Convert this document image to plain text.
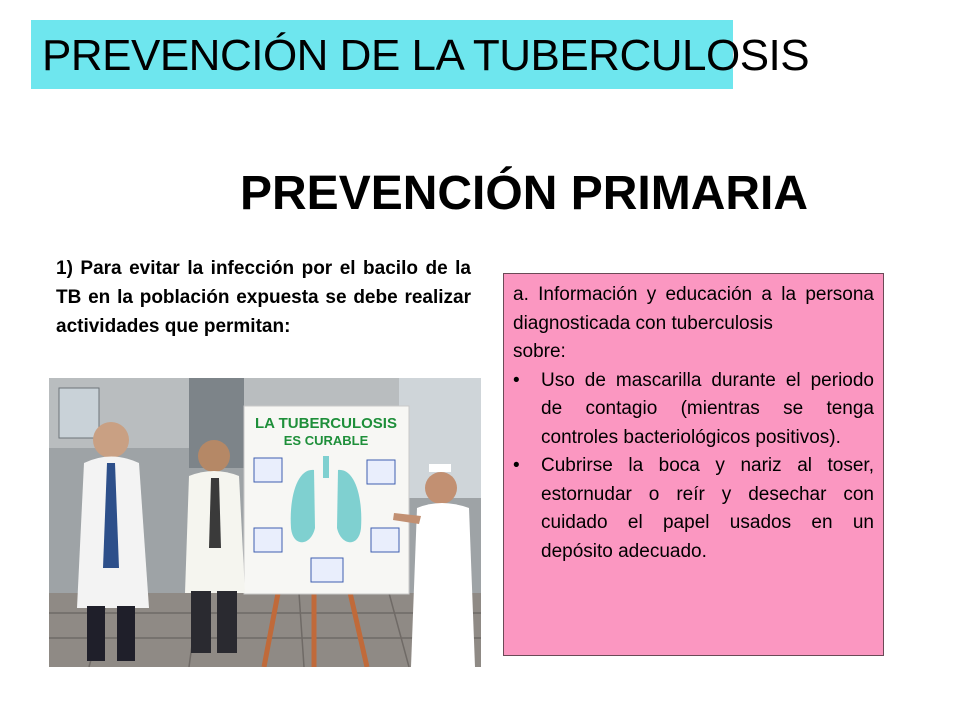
PREVENCIÓN DE LA TUBERCULOSIS
PREVENCIÓN PRIMARIA

1) Para evitar la infección por el bacilo de la TB en la población expuesta se debe realizar actividades que permitan:

LA TUBERCULOSIS
ES CURABLE

a. Información y educación a la persona diagnosticada con tuberculosis

sobre:

• Uso de mascarilla durante el periodo de contagio (mientras se tenga controles bacteriológicos positivos).
• Cubrirse la boca y nariz al toser, estornudar o reír y desechar con cuidado el papel usados en un depósito adecuado.
